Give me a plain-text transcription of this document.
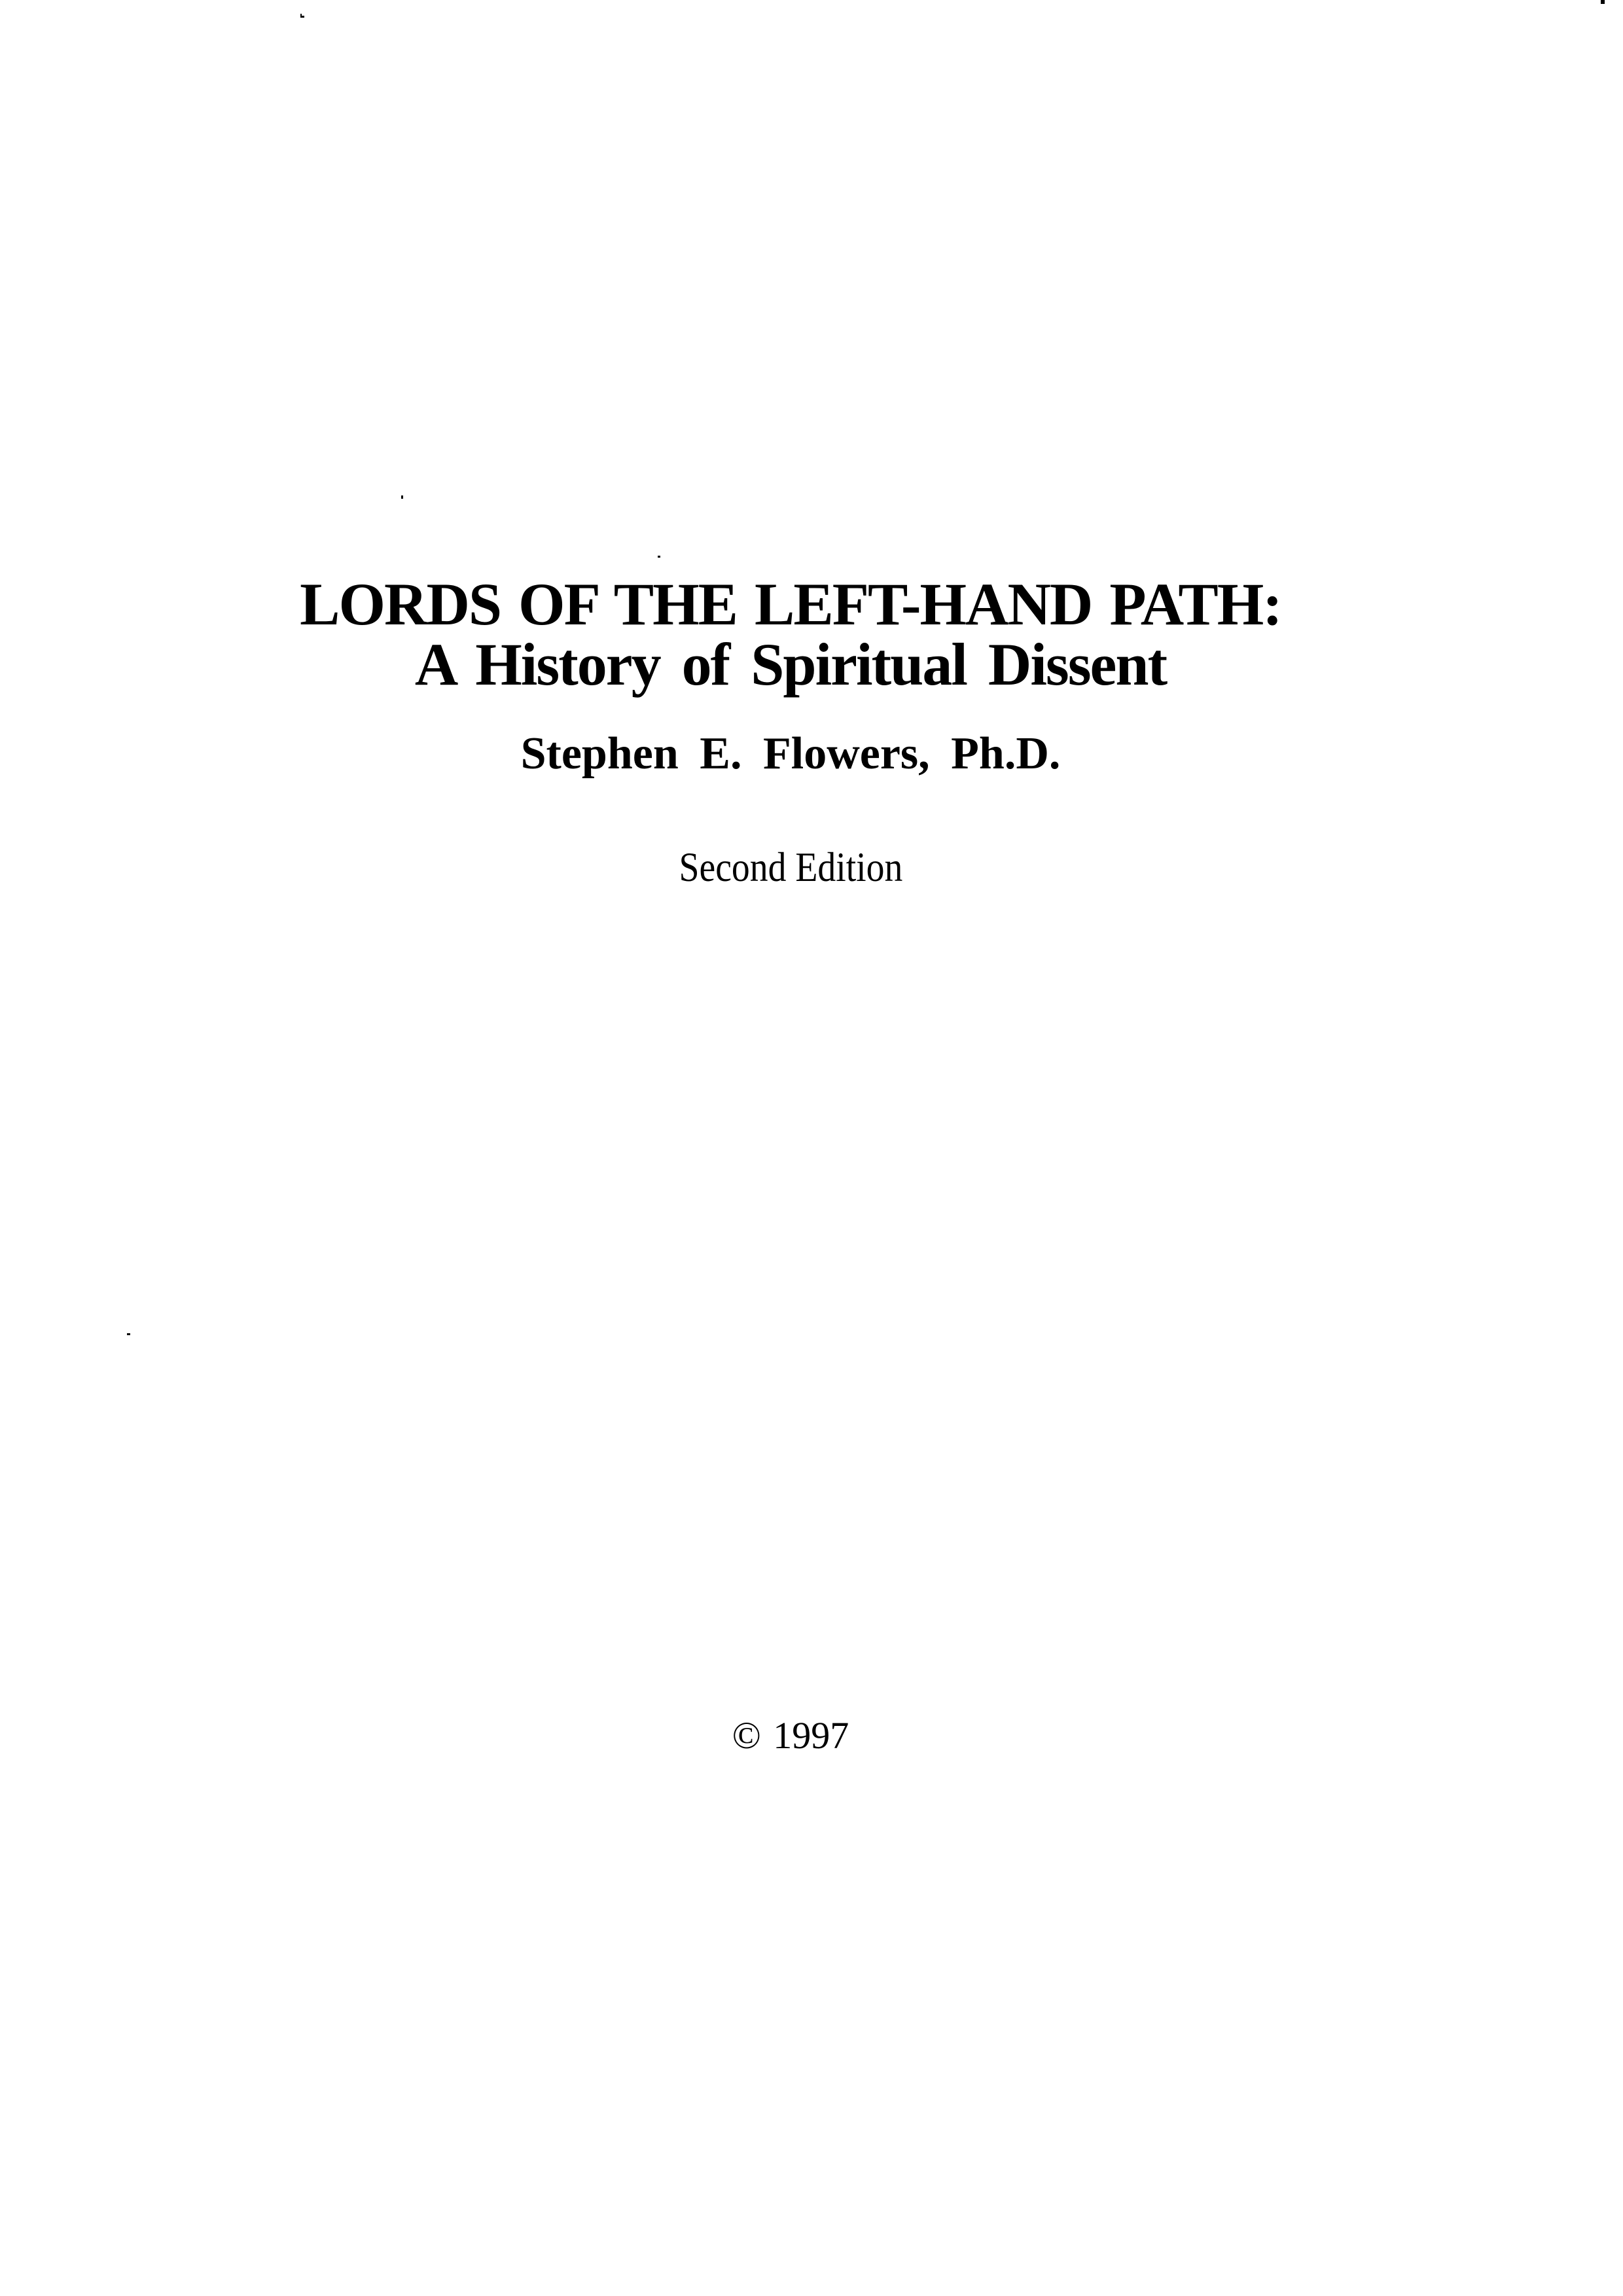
LORDS OF THE LEFT-HAND PATH:
A History of Spiritual Dissent
Stephen E. Flowers, Ph.D.
Second Edition
© 1997
